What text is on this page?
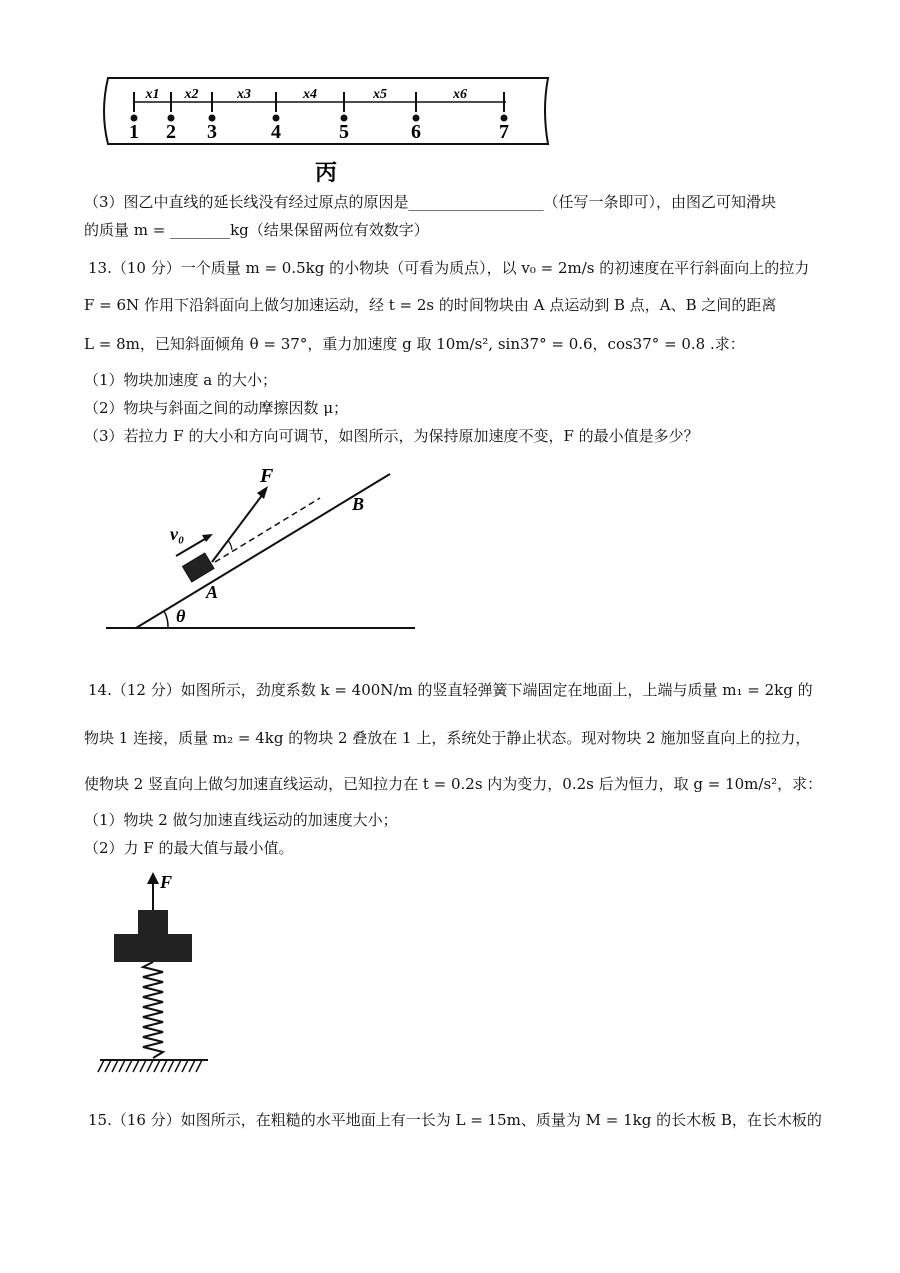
1
x1
2
x2
3
x3
4
x4
5
x5
6
x6
7
丙
（3）图乙中直线的延长线没有经过原点的原因是__________________（任写一条即可），由图乙可知滑块
的质量 m = ________kg（结果保留两位有效数字）
13.（10 分）一个质量 m = 0.5kg 的小物块（可看为质点），以 v₀ = 2m/s 的初速度在平行斜面向上的拉力
F = 6N 作用下沿斜面向上做匀加速运动，经 t = 2s 的时间物块由 A 点运动到 B 点，A、B 之间的距离
L = 8m，已知斜面倾角 θ = 37°，重力加速度 g 取 10m/s², sin37° = 0.6，cos37° = 0.8 .求：
（1）物块加速度 a 的大小；
（2）物块与斜面之间的动摩擦因数 μ；
（3）若拉力 F 的大小和方向可调节，如图所示，为保持原加速度不变，F 的最小值是多少？
F
v₀
A
B
θ
14.（12 分）如图所示，劲度系数 k = 400N/m 的竖直轻弹簧下端固定在地面上，上端与质量 m₁ = 2kg 的
物块 1 连接，质量 m₂ = 4kg 的物块 2 叠放在 1 上，系统处于静止状态。现对物块 2 施加竖直向上的拉力，
使物块 2 竖直向上做匀加速直线运动，已知拉力在 t = 0.2s 内为变力，0.2s 后为恒力，取 g = 10m/s²，求：
（1）物块 2 做匀加速直线运动的加速度大小；
（2）力 F 的最大值与最小值。
F
15.（16 分）如图所示，在粗糙的水平地面上有一长为 L = 15m、质量为 M = 1kg 的长木板 B，在长木板的
